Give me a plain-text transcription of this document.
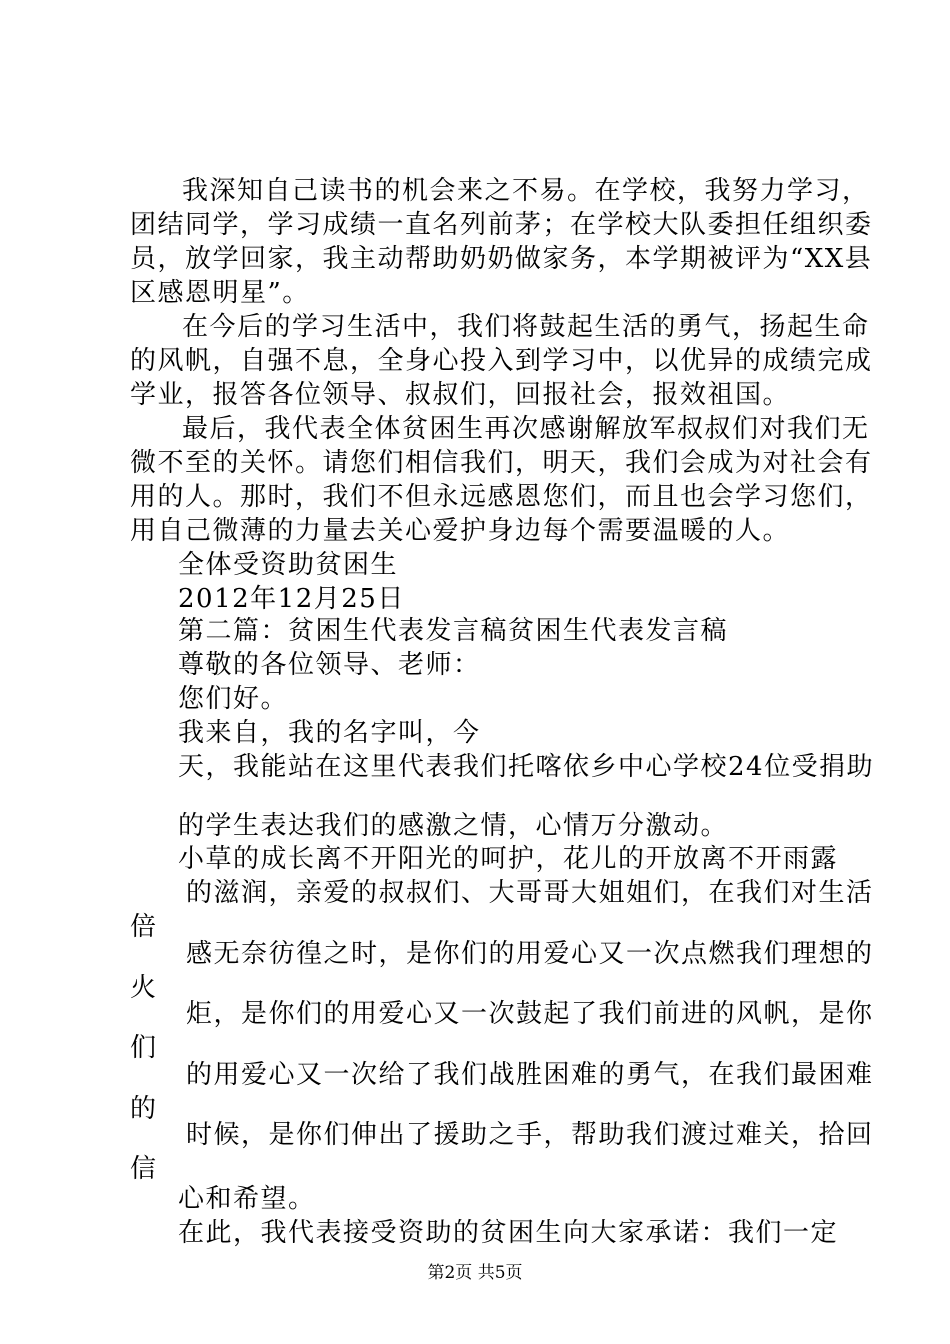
我深知自己读书的机会来之不易。在学校，我努力学习，
团结同学，学习成绩一直名列前茅；在学校大队委担任组织委
员，放学回家，我主动帮助奶奶做家务，本学期被评为“XX县
区感恩明星”。
在今后的学习生活中，我们将鼓起生活的勇气，扬起生命
的风帆，自强不息，全身心投入到学习中，以优异的成绩完成
学业，报答各位领导、叔叔们，回报社会，报效祖国。
最后，我代表全体贫困生再次感谢解放军叔叔们对我们无
微不至的关怀。请您们相信我们，明天，我们会成为对社会有
用的人。那时，我们不但永远感恩您们，而且也会学习您们，
用自己微薄的力量去关心爱护身边每个需要温暖的人。
全体受资助贫困生
2012年12月25日
第二篇：贫困生代表发言稿贫困生代表发言稿
尊敬的各位领导、老师：
您们好。
我来自，我的名字叫，今
天，我能站在这里代表我们托喀依乡中心学校24位受捐助
的学生表达我们的感激之情，心情万分激动。
小草的成长离不开阳光的呵护，花儿的开放离不开雨露
的滋润，亲爱的叔叔们、大哥哥大姐姐们，在我们对生活
倍
感无奈彷徨之时，是你们的用爱心又一次点燃我们理想的
火
炬，是你们的用爱心又一次鼓起了我们前进的风帆，是你
们
的用爱心又一次给了我们战胜困难的勇气，在我们最困难
的
时候，是你们伸出了援助之手，帮助我们渡过难关，拾回
信
心和希望。
在此，我代表接受资助的贫困生向大家承诺：我们一定
第2页 共5页
